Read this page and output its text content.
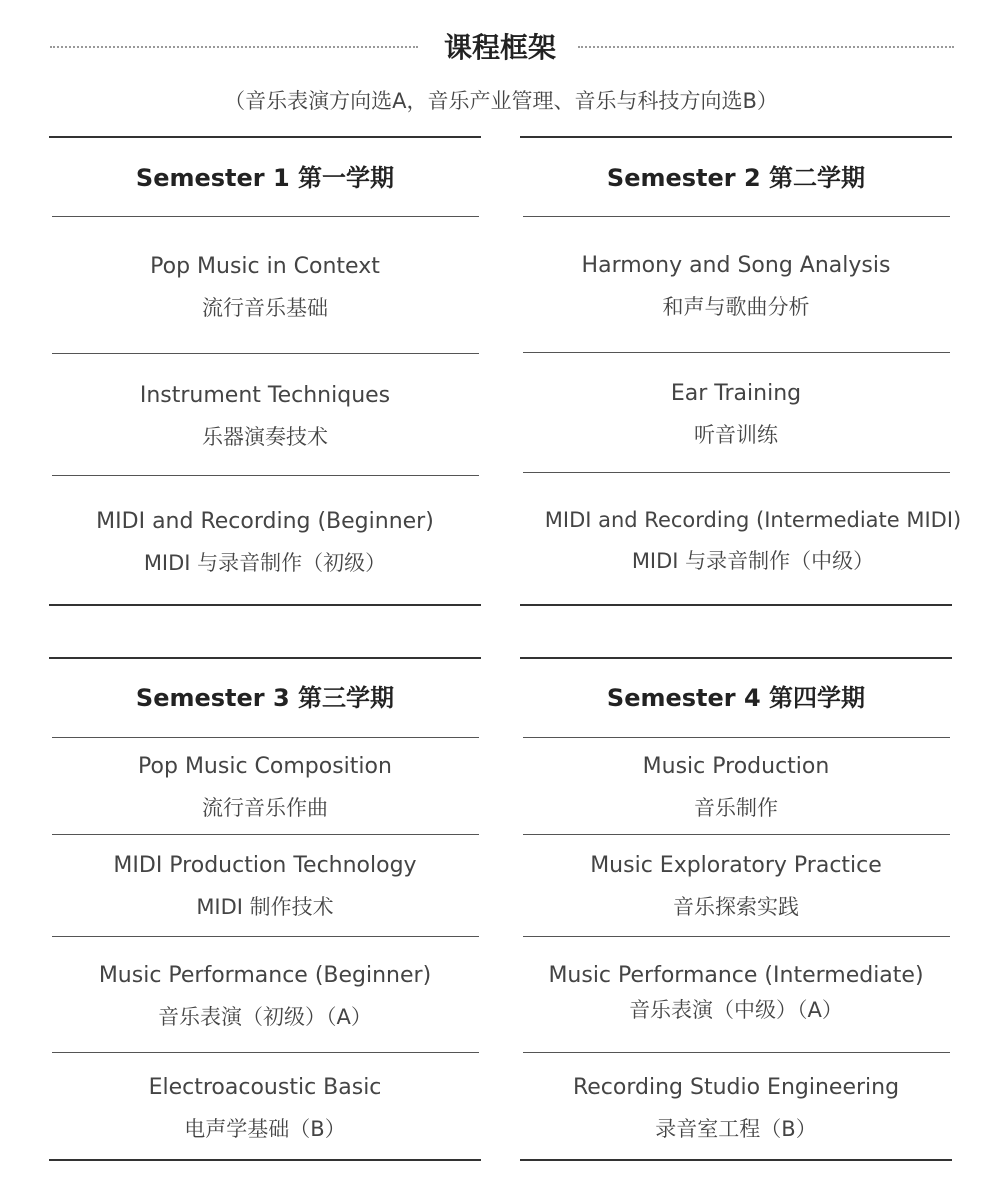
课程框架
（音乐表演方向选A，音乐产业管理、音乐与科技方向选B）
Semester 1 第一学期
Pop Music in Context
流行音乐基础
Instrument Techniques
乐器演奏技术
MIDI and Recording (Beginner)
MIDI 与录音制作（初级）
Semester 2 第二学期
Harmony and Song Analysis
和声与歌曲分析
Ear Training
听音训练
MIDI and Recording (Intermediate MIDI)
MIDI 与录音制作（中级）
Semester 3 第三学期
Pop Music Composition
流行音乐作曲
MIDI Production Technology
MIDI 制作技术
Music Performance (Beginner)
音乐表演（初级）（A）
Electroacoustic Basic
电声学基础（B）
Semester 4 第四学期
Music Production
音乐制作
Music Exploratory Practice
音乐探索实践
Music Performance (Intermediate)
音乐表演（中级）（A）
Recording Studio Engineering
录音室工程（B）
